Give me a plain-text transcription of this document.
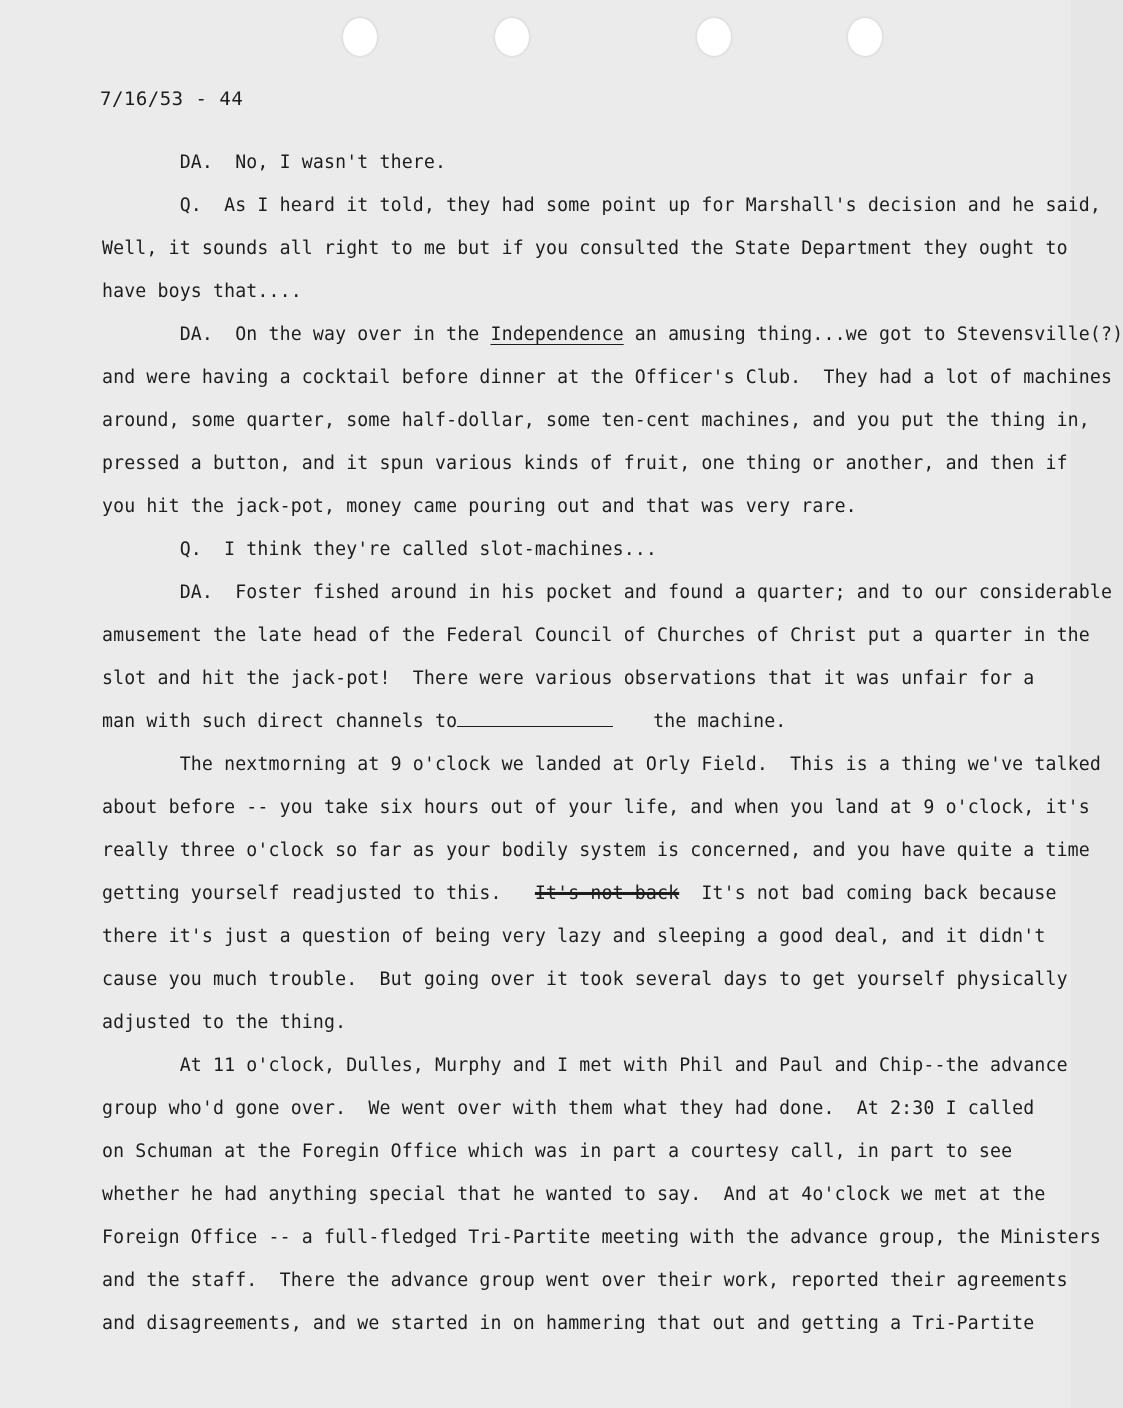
7/16/53 - 44
DA.  No, I wasn't there.
Q.  As I heard it told, they had some point up for Marshall's decision and he said,
Well, it sounds all right to me but if you consulted the State Department they ought to
have boys that....
DA.  On the way over in the Independence an amusing thing...we got to Stevensville(?)
and were having a cocktail before dinner at the Officer's Club.  They had a lot of machines
around, some quarter, some half-dollar, some ten-cent machines, and you put the thing in,
pressed a button, and it spun various kinds of fruit, one thing or another, and then if
you hit the jack-pot, money came pouring out and that was very rare.
Q.  I think they're called slot-machines...
DA.  Foster fished around in his pocket and found a quarter; and to our considerable
amusement the late head of the Federal Council of Churches of Christ put a quarter in the
slot and hit the jack-pot!  There were various observations that it was unfair for a
man with such direct channels to	the machine.
The nextmorning at 9 o'clock we landed at Orly Field.  This is a thing we've talked
about before -- you take six hours out of your life, and when you land at 9 o'clock, it's
really three o'clock so far as your bodily system is concerned, and you have quite a time
getting yourself readjusted to this.   It's not back  It's not bad coming back because
there it's just a question of being very lazy and sleeping a good deal, and it didn't
cause you much trouble.  But going over it took several days to get yourself physically
adjusted to the thing.
At 11 o'clock, Dulles, Murphy and I met with Phil and Paul and Chip--the advance
group who'd gone over.  We went over with them what they had done.  At 2:30 I called
on Schuman at the Foregin Office which was in part a courtesy call, in part to see
whether he had anything special that he wanted to say.  And at 4o'clock we met at the
Foreign Office -- a full-fledged Tri-Partite meeting with the advance group, the Ministers
and the staff.  There the advance group went over their work, reported their agreements
and disagreements, and we started in on hammering that out and getting a Tri-Partite
